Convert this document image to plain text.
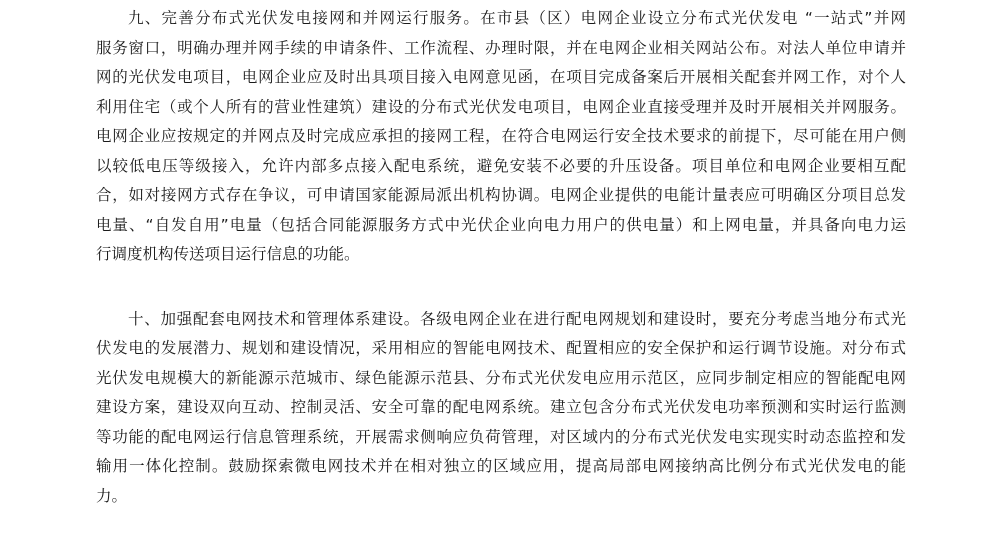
九、完善分布式光伏发电接网和并网运行服务。在市县（区）电网企业设立分布式光伏发电 “一站式”并网
服务窗口，明确办理并网手续的申请条件、工作流程、办理时限，并在电网企业相关网站公布。对法人单位申请并
网的光伏发电项目，电网企业应及时出具项目接入电网意见函，在项目完成备案后开展相关配套并网工作，对个人
利用住宅（或个人所有的营业性建筑）建设的分布式光伏发电项目，电网企业直接受理并及时开展相关并网服务。
电网企业应按规定的并网点及时完成应承担的接网工程，在符合电网运行安全技术要求的前提下，尽可能在用户侧
以较低电压等级接入，允许内部多点接入配电系统，避免安装不必要的升压设备。项目单位和电网企业要相互配
合，如对接网方式存在争议，可申请国家能源局派出机构协调。电网企业提供的电能计量表应可明确区分项目总发
电量、“自发自用”电量（包括合同能源服务方式中光伏企业向电力用户的供电量）和上网电量，并具备向电力运
行调度机构传送项目运行信息的功能。
十、加强配套电网技术和管理体系建设。各级电网企业在进行配电网规划和建设时，要充分考虑当地分布式光
伏发电的发展潜力、规划和建设情况，采用相应的智能电网技术、配置相应的安全保护和运行调节设施。对分布式
光伏发电规模大的新能源示范城市、绿色能源示范县、分布式光伏发电应用示范区，应同步制定相应的智能配电网
建设方案，建设双向互动、控制灵活、安全可靠的配电网系统。建立包含分布式光伏发电功率预测和实时运行监测
等功能的配电网运行信息管理系统，开展需求侧响应负荷管理，对区域内的分布式光伏发电实现实时动态监控和发
输用一体化控制。鼓励探索微电网技术并在相对独立的区域应用，提高局部电网接纳高比例分布式光伏发电的能
力。
